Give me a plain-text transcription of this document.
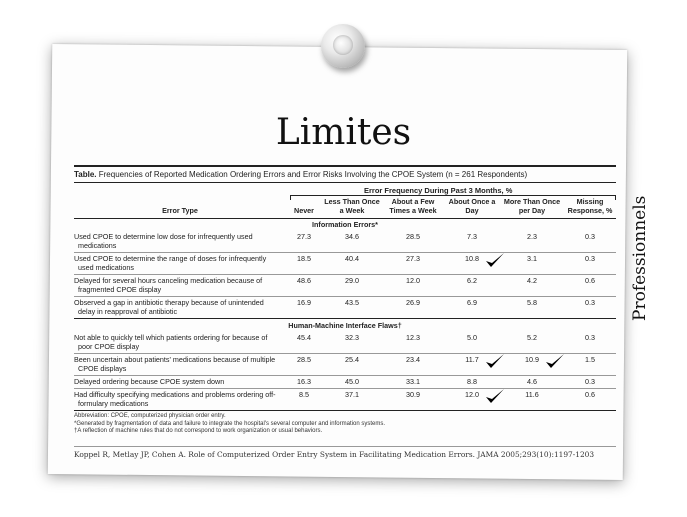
Limites
Professionnels
Table. Frequencies of Reported Medication Ordering Errors and Error Risks Involving the CPOE System (n = 261 Respondents)
Error Frequency During Past 3 Months, %
Error Type	Never	Less Than Once a Week	About a Few Times a Week	About Once a Day	More Than Once per Day	Missing Response, %
Information Errors*						
Used CPOE to determine low dose for infrequently used medications	27.3	34.6	28.5	7.3	2.3	0.3
Used CPOE to determine the range of doses for infrequently used medications	18.5	40.4	27.3	10.8	3.1	0.3
Delayed for several hours canceling medication because of fragmented CPOE display	48.6	29.0	12.0	6.2	4.2	0.6
Observed a gap in antibiotic therapy because of unintended delay in reapproval of antibiotic	16.9	43.5	26.9	6.9	5.8	0.3
Human-Machine Interface Flaws†						
Not able to quickly tell which patients ordering for because of poor CPOE display	45.4	32.3	12.3	5.0	5.2	0.3
Been uncertain about patients' medications because of multiple CPOE displays	28.5	25.4	23.4	11.7	10.9	1.5
Delayed ordering because CPOE system down	16.3	45.0	33.1	8.8	4.6	0.3
Had difficulty specifying medications and problems ordering off-formulary medications	8.5	37.1	30.9	12.0	11.6	0.6
Abbreviation: CPOE, computerized physician order entry.
*Generated by fragmentation of data and failure to integrate the hospital's several computer and information systems.
†A reflection of machine rules that do not correspond to work organization or usual behaviors.
Koppel R, Metlay JP, Cohen A. Role of Computerized Order Entry System in Facilitating Medication Errors. JAMA 2005;293(10):1197-1203
